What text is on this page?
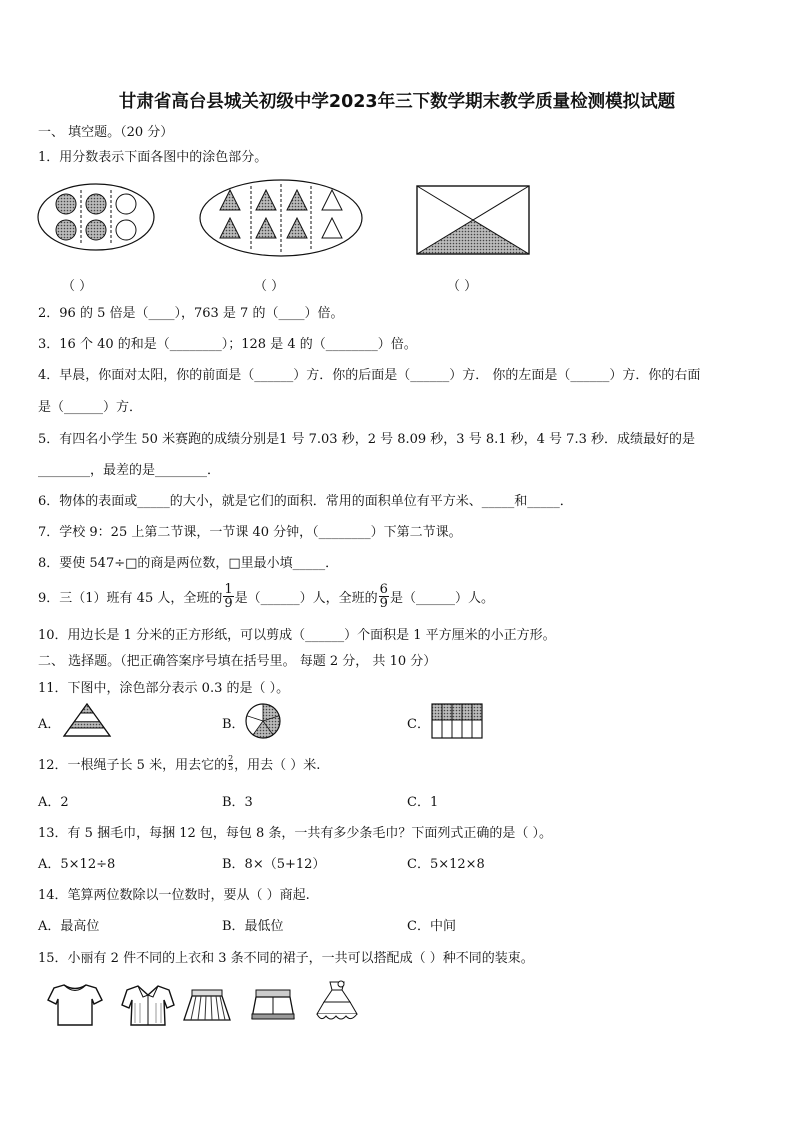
甘肃省高台县城关初级中学2023年三下数学期末教学质量检测模拟试题
一、 填空题。（20 分）
1．用分数表示下面各图中的涂色部分。
（ ）	（ ）	（ ）
2．96 的 5 倍是（____），763 是 7 的（____）倍。
3．16 个 40 的和是（________）；128 是 4 的（________）倍。
4．早晨，你面对太阳，你的前面是（______）方．你的后面是（______）方． 你的左面是（______）方．你的右面
是（______）方．
5．有四名小学生 50 米赛跑的成绩分别是1 号 7.03 秒，2 号 8.09 秒，3 号 8.1 秒，4 号 7.3 秒．成绩最好的是
________，最差的是________．
6．物体的表面或_____的大小，就是它们的面积．常用的面积单位有平方米、_____和_____．
7．学校 9：25 上第二节课，一节课 40 分钟，（________）下第二节课。
8．要使 547÷□的商是两位数，□里最小填_____．
9．三（1）班有 45 人，全班的 $\frac{1}{9}$ 是（______）人，全班的 $\frac{6}{9}$ 是（______）人。
10．用边长是 1 分米的正方形纸，可以剪成（______）个面积是 1 平方厘米的小正方形。
二、 选择题。（把正确答案序号填在括号里。 每题 2 分， 共 10 分）
11．下图中，涂色部分表示 0.3 的是（ ）。
A．	B．	C．
12．一根绳子长 5 米，用去它的 $\frac{2}{5}$ ，用去（ ）米.
A．2	B．3	C．1
13．有 5 捆毛巾，每捆 12 包，每包 8 条，一共有多少条毛巾？下面列式正确的是（ ）。
A．5×12÷8	B．8×（5+12）	C．5×12×8
14．笔算两位数除以一位数时，要从（ ）商起.
A．最高位	B．最低位	C．中间
15．小丽有 2 件不同的上衣和 3 条不同的裙子，一共可以搭配成（ ）种不同的装束。
